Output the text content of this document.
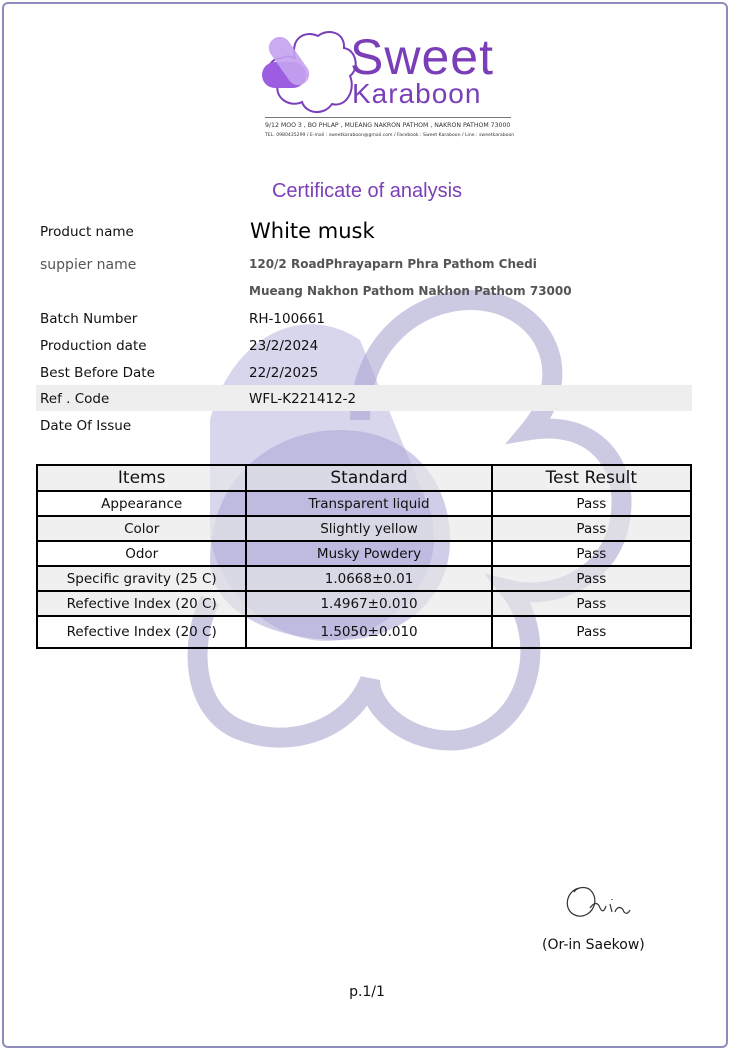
Sweet
Karaboon
9/12 MOO 3 , BO PHLAP , MUEANG NAKRON PATHOM , NAKRON PATHOM 73000
TEL. 0980435299 / E-mail : sweetkaraboon@gmail.com / Facebook : Sweet Karaboon / Line : sweetkaraboon
Certificate of analysis
Product name	White musk
suppier name	120/2 RoadPhrayaparn Phra Pathom Chedi
Mueang Nakhon Pathom Nakhon Pathom 73000
Batch Number	RH-100661
Production date	23/2/2024
Best Before Date	22/2/2025
Ref . Code	WFL-K221412-2
Date Of Issue
Items	Standard	Test Result
Appearance	Transparent liquid	Pass
Color	Slightly yellow	Pass
Odor	Musky Powdery	Pass
Specific gravity (25 C)	1.0668±0.01	Pass
Refective Index (20 C)	1.4967±0.010	Pass
Refective Index (20 C)	1.5050±0.010	Pass
(Or-in Saekow)
p.1/1
